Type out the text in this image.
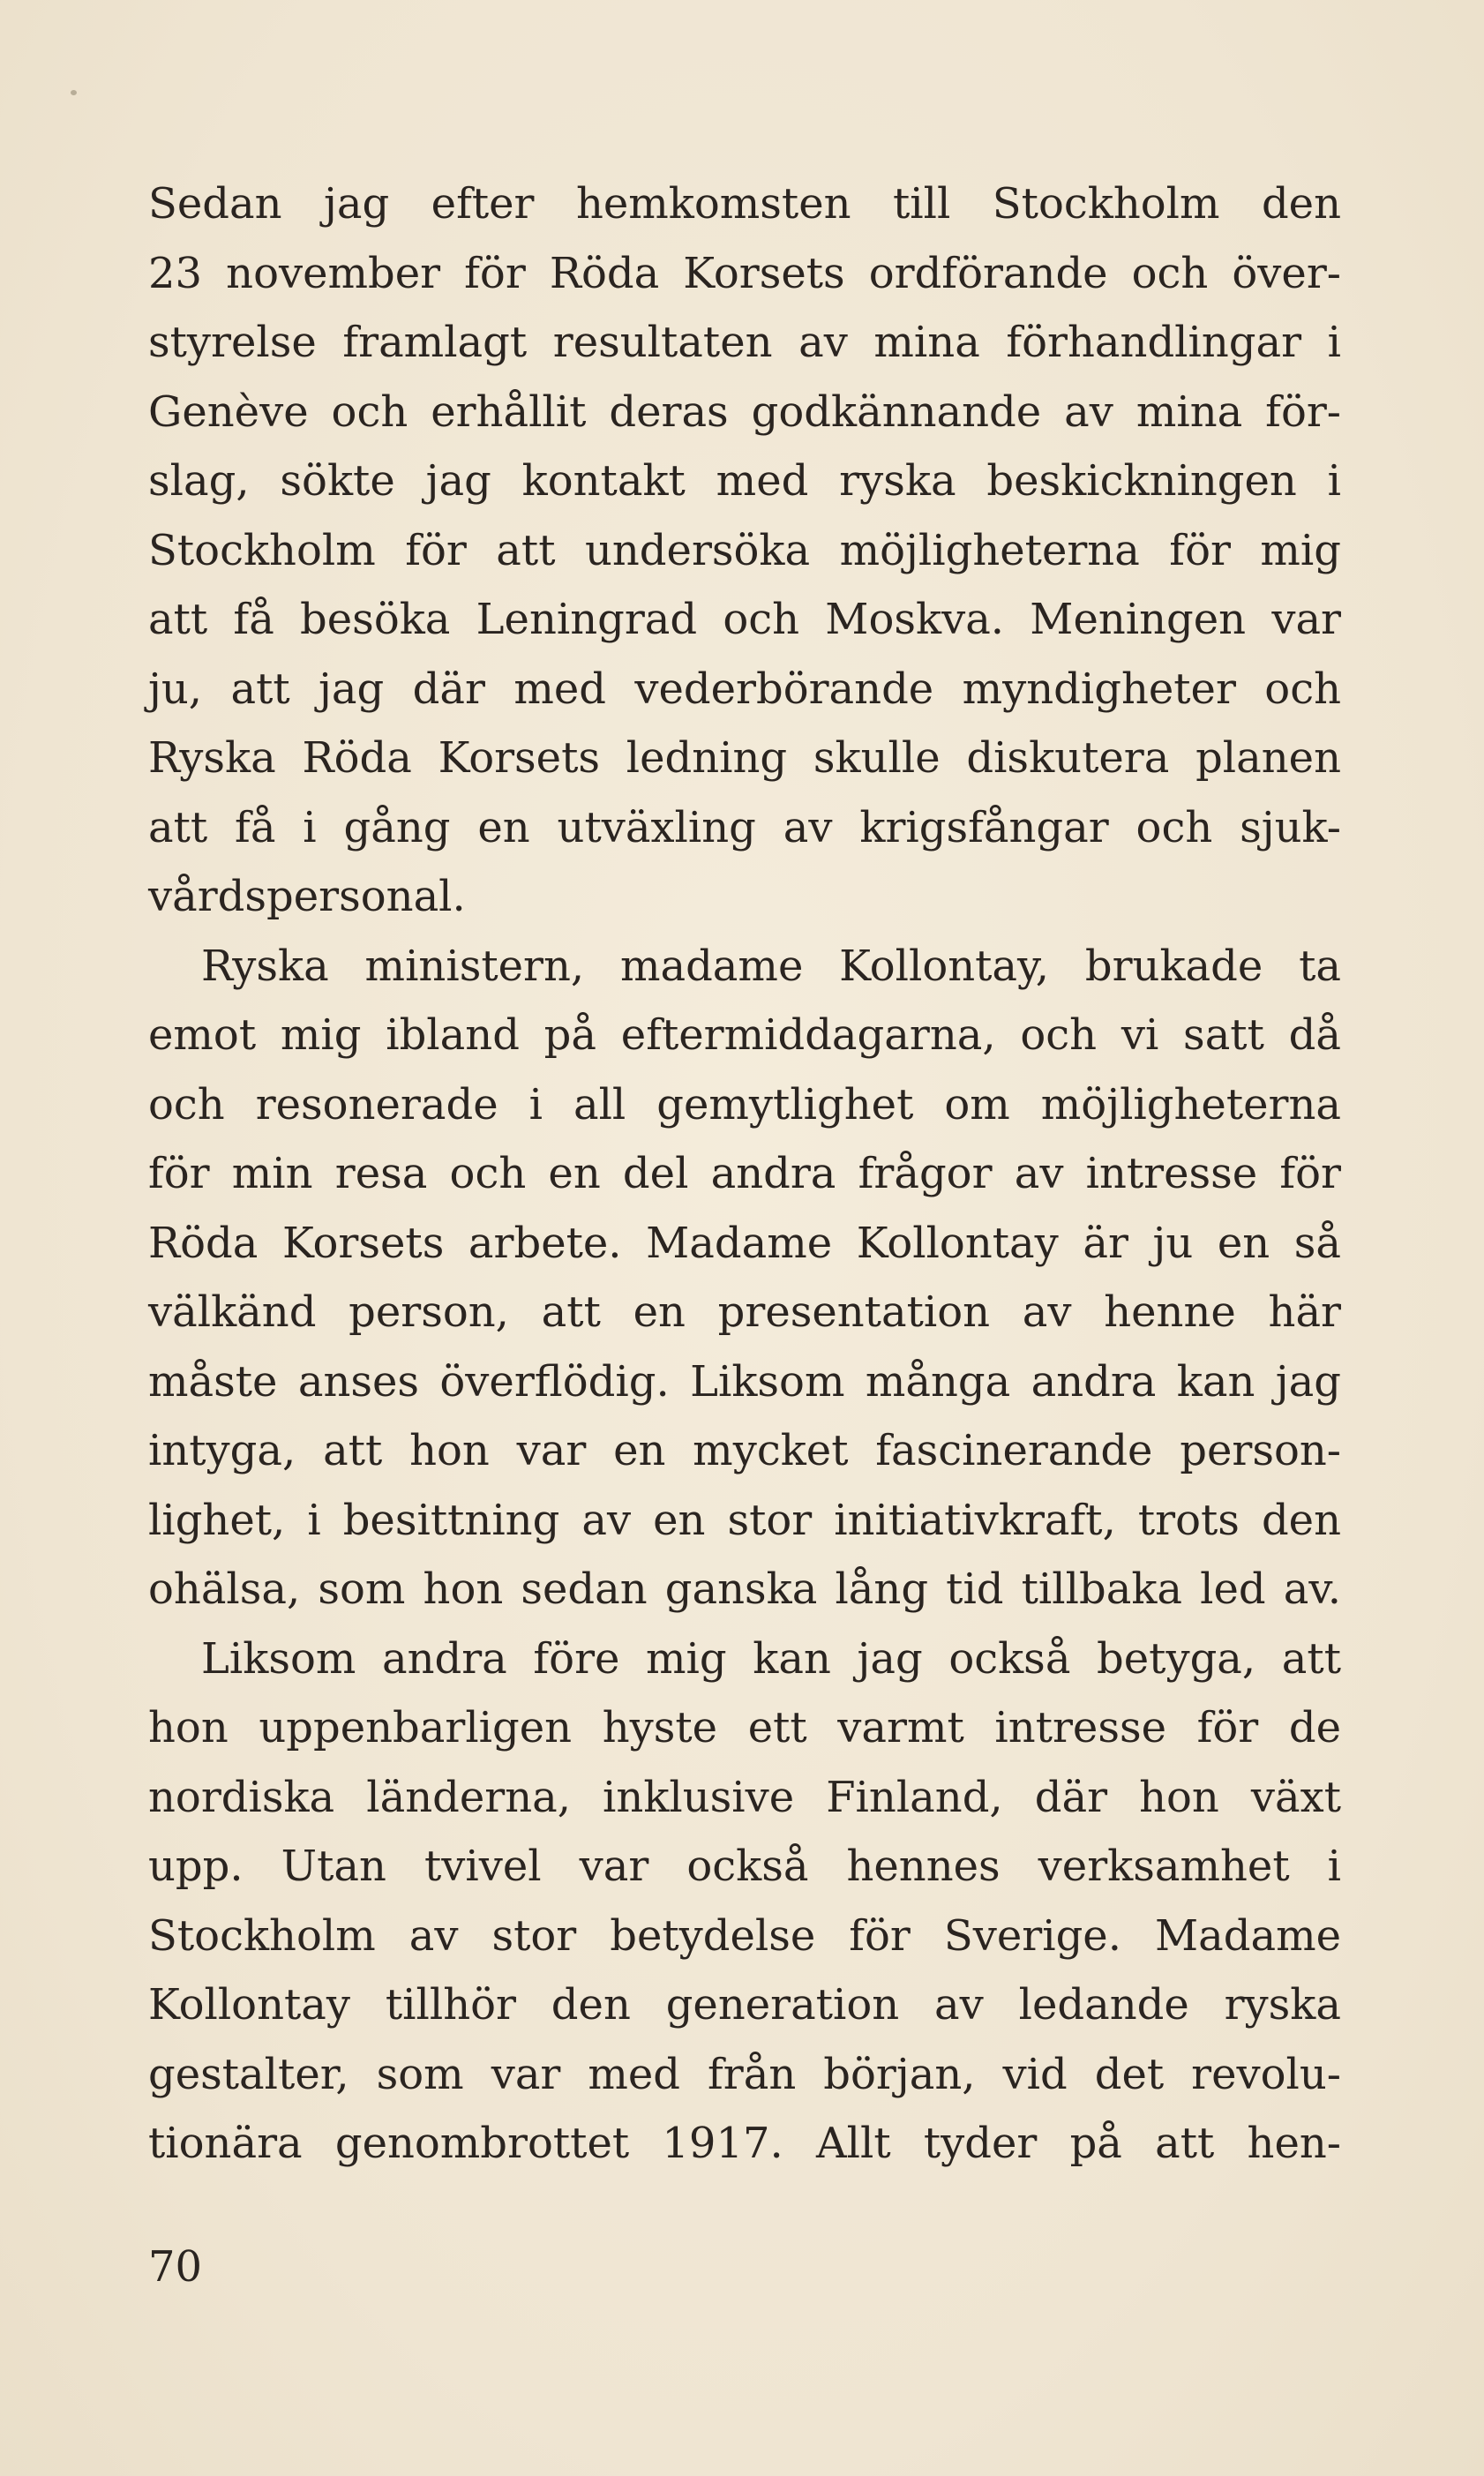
Sedan jag efter hemkomsten till Stockholm den
23 november för Röda Korsets ordförande och över-
styrelse framlagt resultaten av mina förhandlingar i
Genève och erhållit deras godkännande av mina för-
slag, sökte jag kontakt med ryska beskickningen i
Stockholm för att undersöka möjligheterna för mig
att få besöka Leningrad och Moskva. Meningen var
ju, att jag där med vederbörande myndigheter och
Ryska Röda Korsets ledning skulle diskutera planen
att få i gång en utväxling av krigsfångar och sjuk-
vårdspersonal.
Ryska ministern, madame Kollontay, brukade ta
emot mig ibland på eftermiddagarna, och vi satt då
och resonerade i all gemytlighet om möjligheterna
för min resa och en del andra frågor av intresse för
Röda Korsets arbete. Madame Kollontay är ju en så
välkänd person, att en presentation av henne här
måste anses överflödig. Liksom många andra kan jag
intyga, att hon var en mycket fascinerande person-
lighet, i besittning av en stor initiativkraft, trots den
ohälsa, som hon sedan ganska lång tid tillbaka led av.
Liksom andra före mig kan jag också betyga, att
hon uppenbarligen hyste ett varmt intresse för de
nordiska länderna, inklusive Finland, där hon växt
upp. Utan tvivel var också hennes verksamhet i
Stockholm av stor betydelse för Sverige. Madame
Kollontay tillhör den generation av ledande ryska
gestalter, som var med från början, vid det revolu-
tionära genombrottet 1917. Allt tyder på att hen-
70
